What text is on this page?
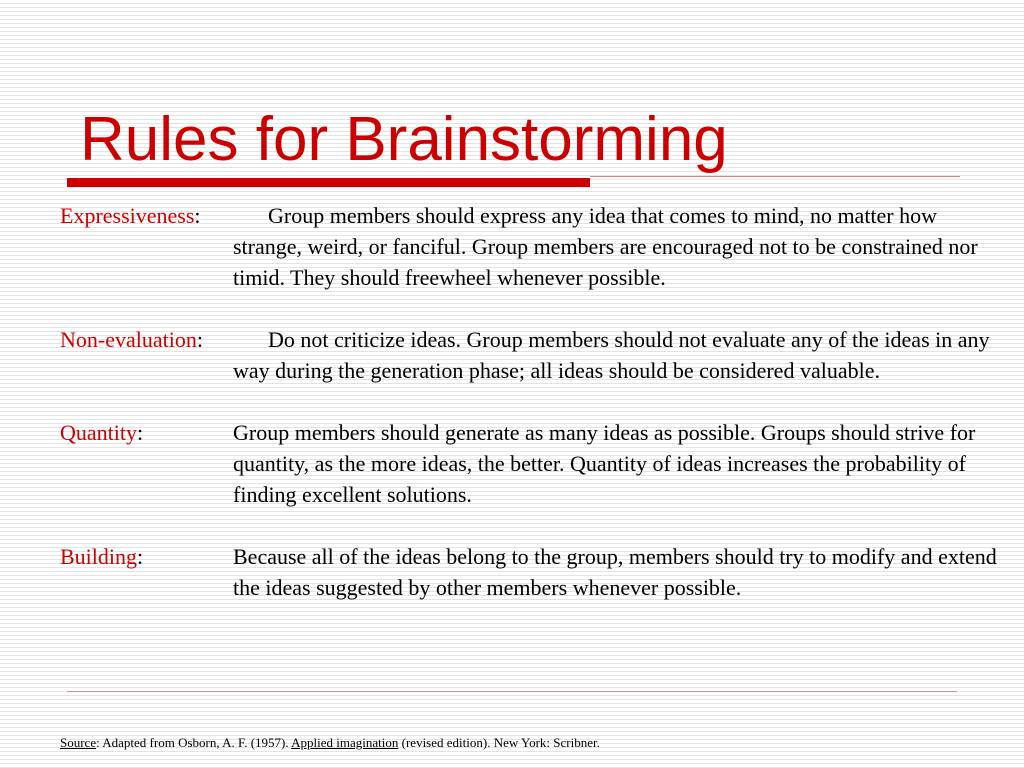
Rules for Brainstorming
Expressiveness:	Group members should express any idea that comes to mind, no matter how strange, weird, or fanciful. Group members are encouraged not to be constrained nor timid. They should freewheel whenever possible.
Non-evaluation:	Do not criticize ideas. Group members should not evaluate any of the ideas in any way during the generation phase; all ideas should be considered valuable.
Quantity:	Group members should generate as many ideas as possible. Groups should strive for quantity, as the more ideas, the better. Quantity of ideas increases the probability of finding excellent solutions.
Building:	Because all of the ideas belong to the group, members should try to modify and extend the ideas suggested by other members whenever possible.
Source: Adapted from Osborn, A. F. (1957). Applied imagination (revised edition). New York: Scribner.
